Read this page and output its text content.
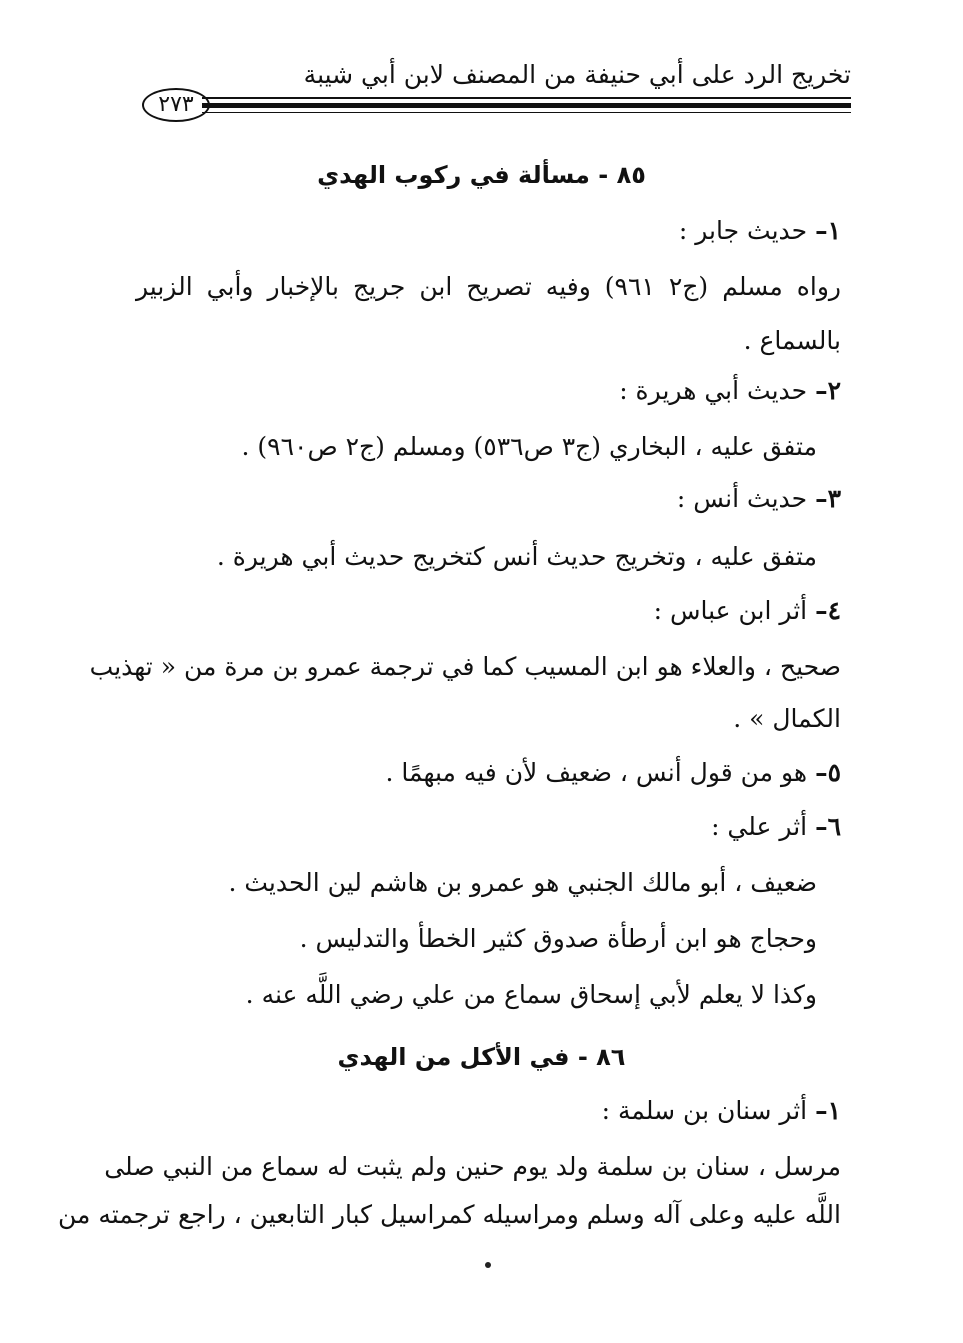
تخريج الرد على أبي حنيفة من المصنف لابن أبي شيبة
٢٧٣
٨٥ - مسألة في ركوب الهدي
١– حديث جابر :
رواه مسلم (ج٢ ٩٦١) وفيه تصريح ابن جريج بالإخبار وأبي الزبير
بالسماع .
٢– حديث أبي هريرة :
متفق عليه ، البخاري (ج٣ ص٥٣٦) ومسلم (ج٢ ص٩٦٠) .
٣– حديث أنس :
متفق عليه ، وتخريج حديث أنس كتخريج حديث أبي هريرة .
٤– أثر ابن عباس :
صحيح ، والعلاء هو ابن المسيب كما في ترجمة عمرو بن مرة من « تهذيب
الكمال » .
٥– هو من قول أنس ، ضعيف لأن فيه مبهمًا .
٦– أثر علي :
ضعيف ، أبو مالك الجنبي هو عمرو بن هاشم لين الحديث .
وحجاج هو ابن أرطأة صدوق كثير الخطأ والتدليس .
وكذا لا يعلم لأبي إسحاق سماع من علي رضي اللَّه عنه .
٨٦ - في الأكل من الهدي
١– أثر سنان بن سلمة :
مرسل ، سنان بن سلمة ولد يوم حنين ولم يثبت له سماع من النبي صلى
اللَّه عليه وعلى آله وسلم ومراسيله كمراسيل كبار التابعين ، راجع ترجمته من
